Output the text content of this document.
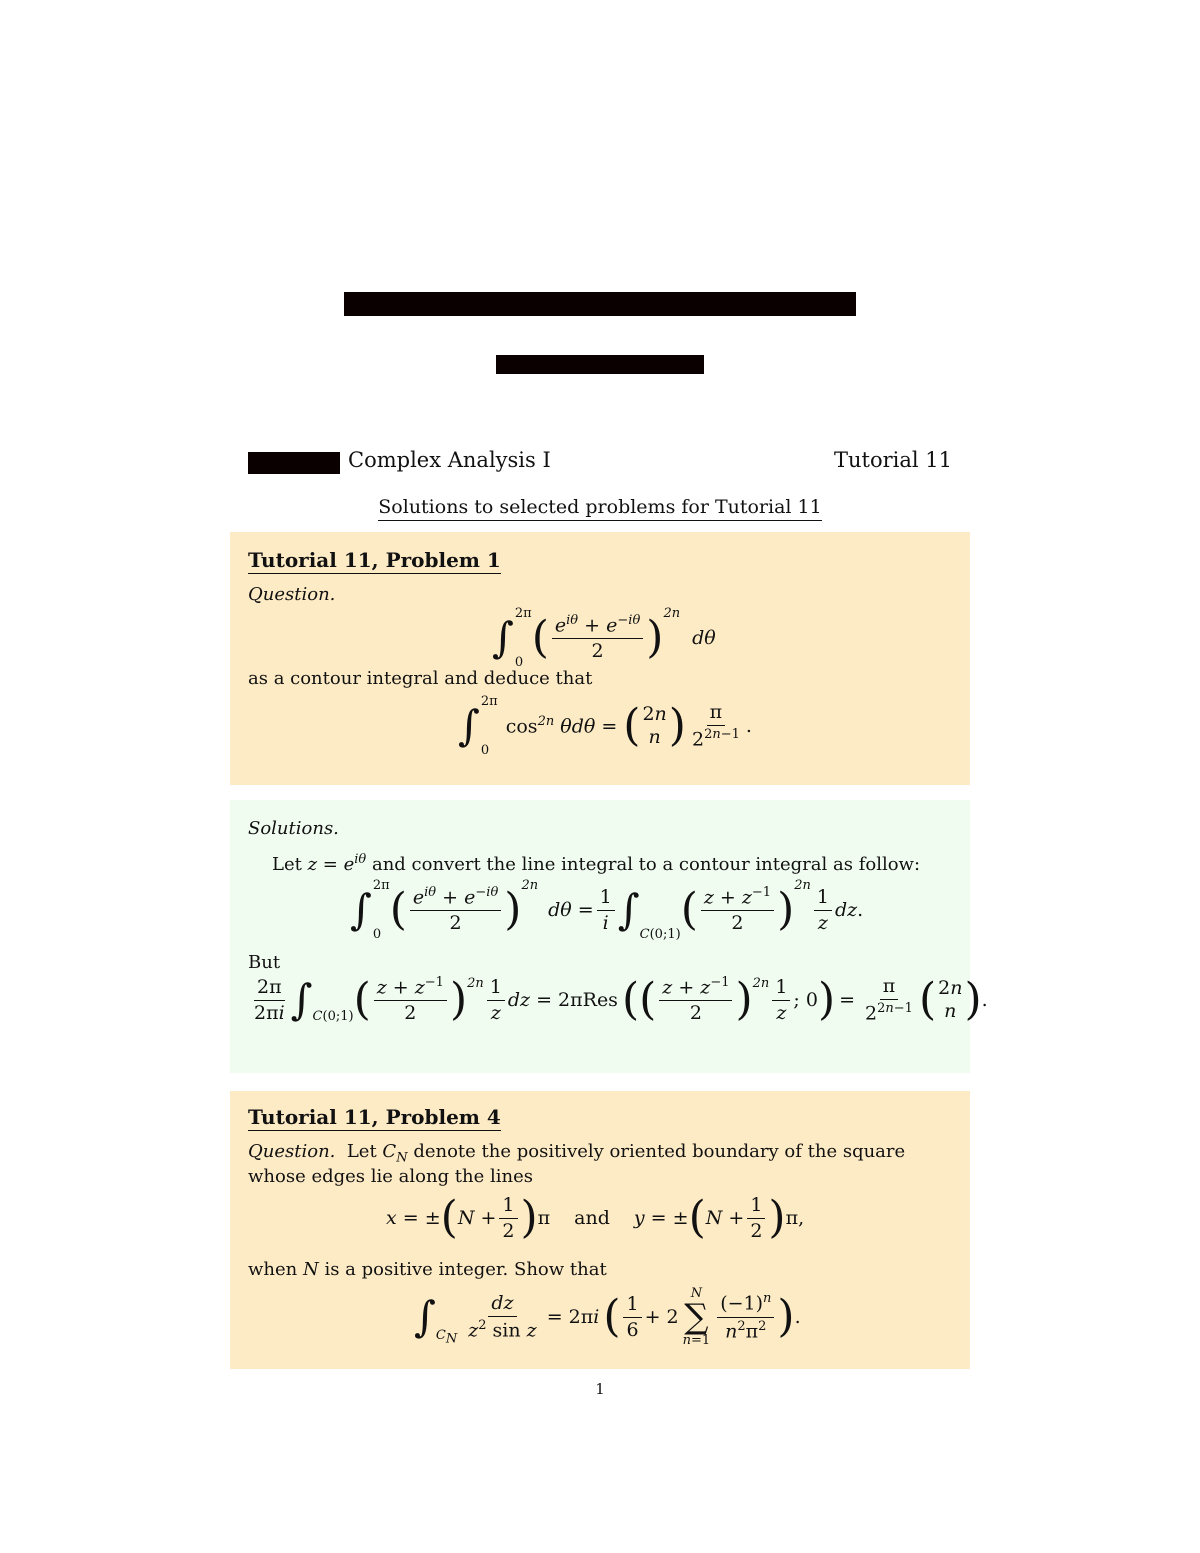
Complex Analysis I	Tutorial 11
Solutions to selected problems for Tutorial 11
Tutorial 11, Problem 1
Question.
∫ 2π
0 ( $\frac{e^{i\theta} + e^{-i\theta}}{2}$ ) $^{2n}$
dθ
as a contour integral and deduce that
∫ 2π
0
$\cos^{2n} \theta d\theta$ = ( 2n
n ) $\frac{\pi}{2^{2n-1}}$ .
Solutions.
Let $z = e^{i\theta}$ and convert the line integral to a contour integral as follow:
∫ 2π
0 ( $\frac{e^{i\theta} + e^{-i\theta}}{2}$ ) $^{2n}$
$d\theta = \frac{1}{i}$ ∫
$_{C(0;1)}$ ( $\frac{z + z^{-1}}{2}$ ) $^{2n}$
$\frac{1}{z}$ dz.
But
$\frac{2\pi}{2\pi i}$ ∫ $_{C(0;1)}$ ( $\frac{z + z^{-1}}{2}$ ) $^{2n} \frac{1}{z}$ dz = 2πRes (( $\frac{z + z^{-1}}{2}$ ) $^{2n} \frac{1}{z}$ ; 0 ) = $\frac{\pi}{2^{2n-1}}$ ( 2n
n ) .
Tutorial 11, Problem 4
Question. Let $C_N$ denote the positively oriented boundary of the square
whose edges lie along the lines
x = ± ( $N + \frac{1}{2}$ ) π and y = ± ( $N + \frac{1}{2}$ ) π,
when N is a positive integer. Show that
∫ $_{C_N} \frac{dz}{z^2 \sin z} = 2\pi i$ ( $\frac{1}{6} + 2$
N
∑
$n=1 \frac{(-1)^n}{n^2\pi^2}$ ) .
1
